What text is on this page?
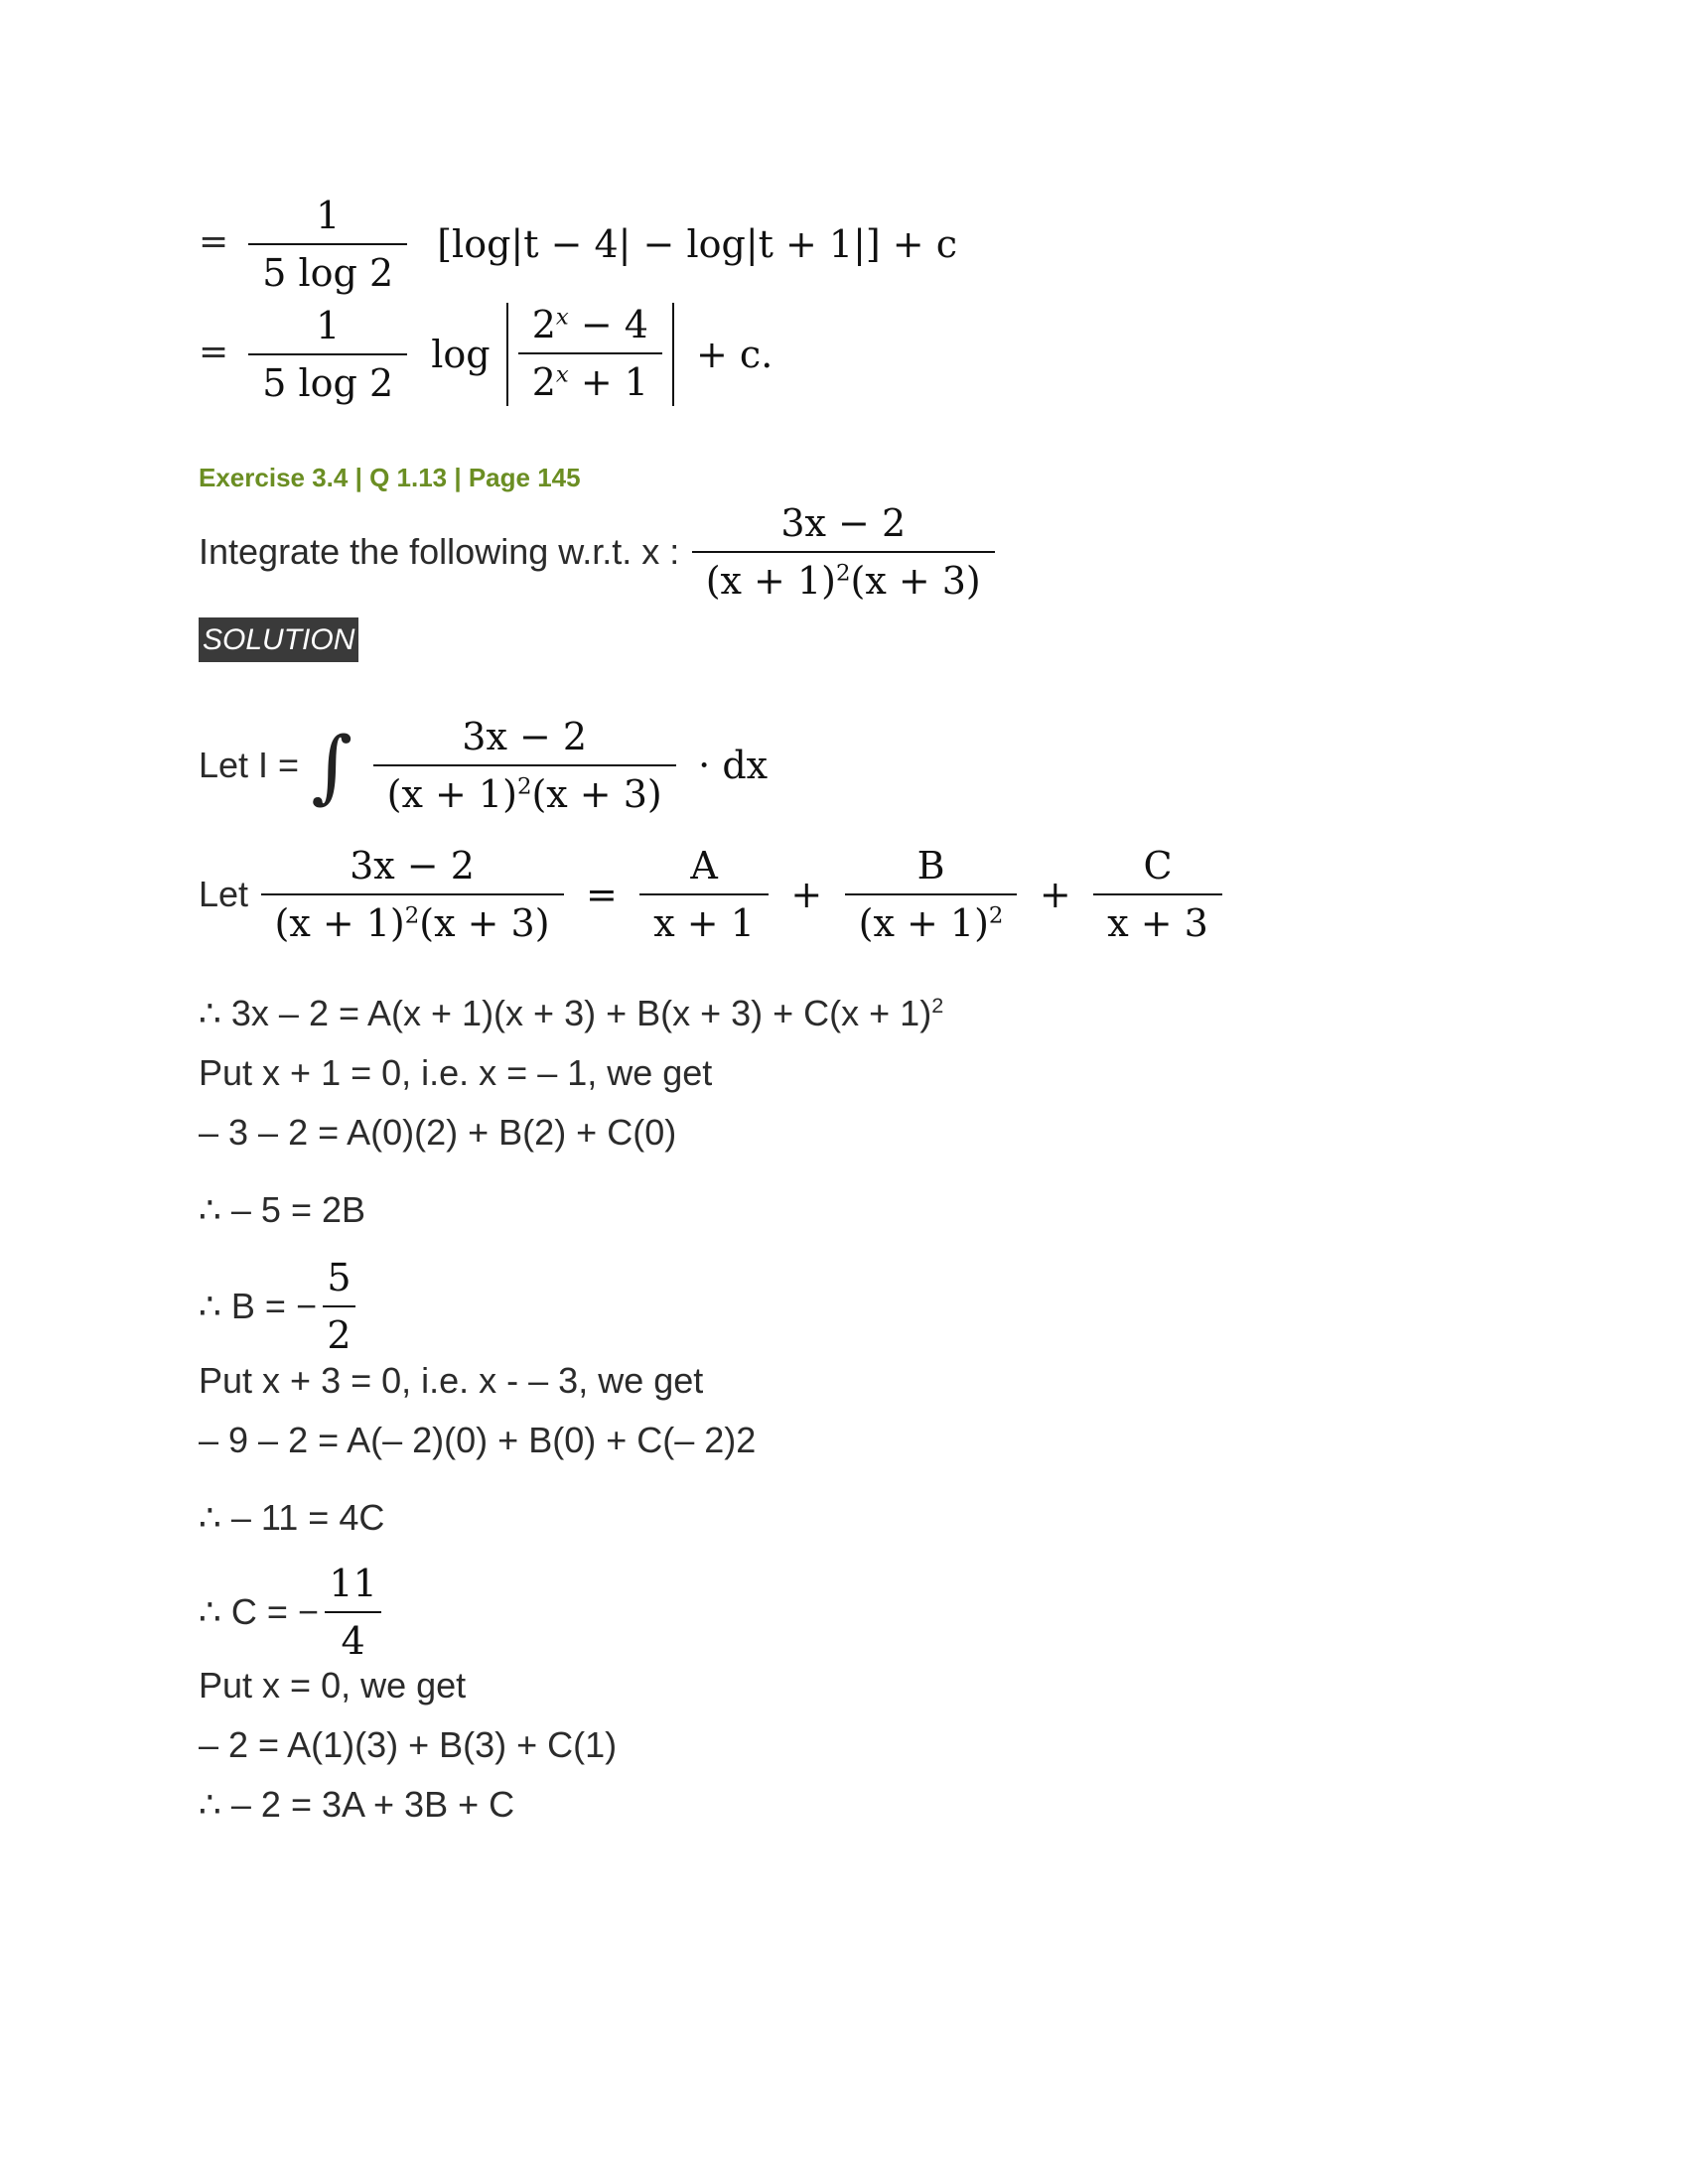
= $\frac{1}{5 \log 2} [\log|t - 4| - \log|t + 1|] + c$
= $\frac{1}{5 \log 2}$ $\log \frac{2^x - 4}{2^x + 1} + c$.
Exercise 3.4 | Q 1.13 | Page 145
Integrate the following w.r.t. x : $\frac{3x - 2}{(x + 1)^2(x + 3)}$
SOLUTION
Let I = ∫ $\frac{3x - 2}{(x + 1)^2(x + 3)}$ · dx
Let $\frac{3x - 2}{(x + 1)^2(x + 3)} = \frac{A}{x + 1} + \frac{B}{(x + 1)^2} + \frac{C}{x + 3}$
∴ $3x - 2 = A(x + 1)(x + 3) + B(x + 3) + C(x + 1)^2$
Put x + 1 = 0, i.e. x = – 1, we get
– 3 – 2 = A(0)(2) + B(2) + C(0)
∴ – 5 = 2B
∴ B = − $\frac{5}{2}$
Put x + 3 = 0, i.e. x - – 3, we get
– 9 – 2 = A(– 2)(0) + B(0) + C(– 2)2
∴ – 11 = 4C
∴ C = − $\frac{11}{4}$
Put x = 0, we get
– 2 = A(1)(3) + B(3) + C(1)
∴ – 2 = 3A + 3B + C
